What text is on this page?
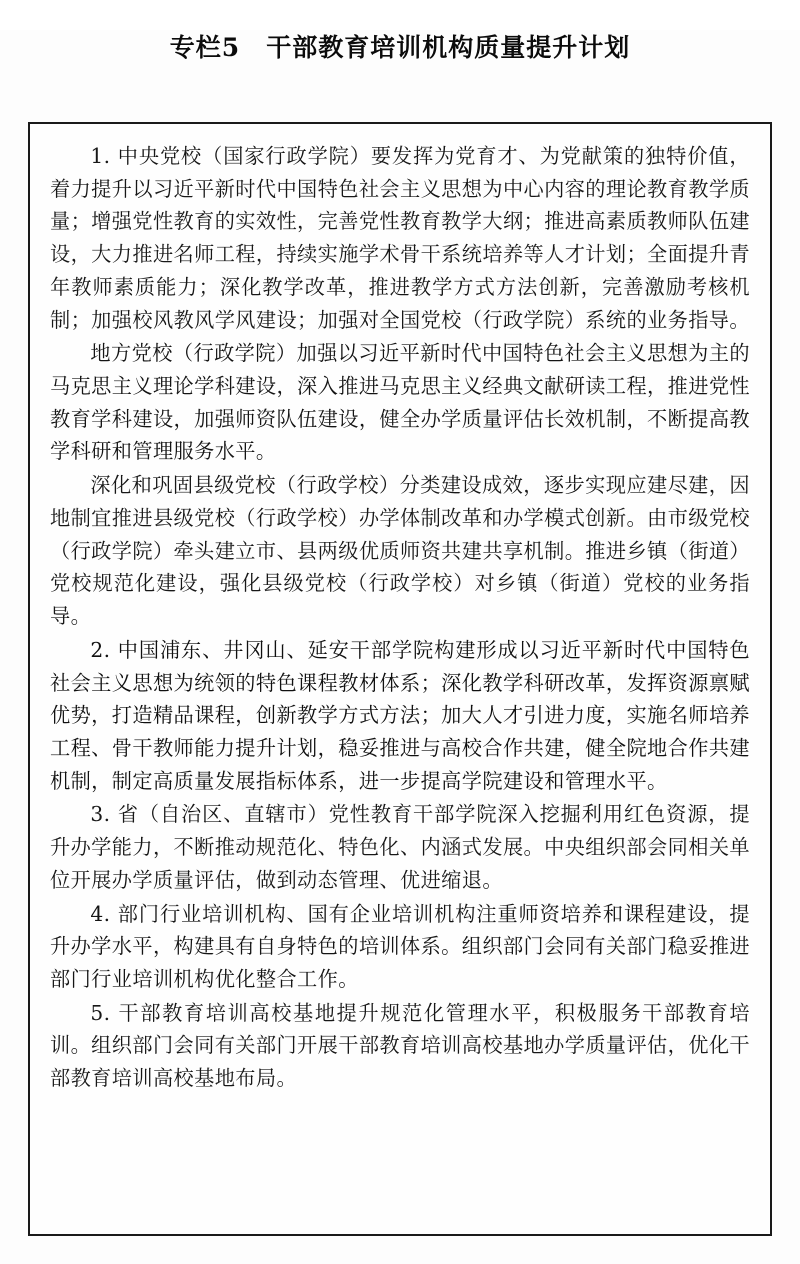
专栏5　干部教育培训机构质量提升计划

1. 中央党校（国家行政学院）要发挥为党育才、为党献策的独特价值，着力提升以习近平新时代中国特色社会主义思想为中心内容的理论教育教学质量；增强党性教育的实效性，完善党性教育教学大纲；推进高素质教师队伍建设，大力推进名师工程，持续实施学术骨干系统培养等人才计划；全面提升青年教师素质能力；深化教学改革，推进教学方式方法创新，完善激励考核机制；加强校风教风学风建设；加强对全国党校（行政学院）系统的业务指导。

地方党校（行政学院）加强以习近平新时代中国特色社会主义思想为主的马克思主义理论学科建设，深入推进马克思主义经典文献研读工程，推进党性教育学科建设，加强师资队伍建设，健全办学质量评估长效机制，不断提高教学科研和管理服务水平。

深化和巩固县级党校（行政学校）分类建设成效，逐步实现应建尽建，因地制宜推进县级党校（行政学校）办学体制改革和办学模式创新。由市级党校（行政学院）牵头建立市、县两级优质师资共建共享机制。推进乡镇（街道）党校规范化建设，强化县级党校（行政学校）对乡镇（街道）党校的业务指导。

2. 中国浦东、井冈山、延安干部学院构建形成以习近平新时代中国特色社会主义思想为统领的特色课程教材体系；深化教学科研改革，发挥资源禀赋优势，打造精品课程，创新教学方式方法；加大人才引进力度，实施名师培养工程、骨干教师能力提升计划，稳妥推进与高校合作共建，健全院地合作共建机制，制定高质量发展指标体系，进一步提高学院建设和管理水平。

3. 省（自治区、直辖市）党性教育干部学院深入挖掘利用红色资源，提升办学能力，不断推动规范化、特色化、内涵式发展。中央组织部会同相关单位开展办学质量评估，做到动态管理、优进缩退。

4. 部门行业培训机构、国有企业培训机构注重师资培养和课程建设，提升办学水平，构建具有自身特色的培训体系。组织部门会同有关部门稳妥推进部门行业培训机构优化整合工作。

5. 干部教育培训高校基地提升规范化管理水平，积极服务干部教育培训。组织部门会同有关部门开展干部教育培训高校基地办学质量评估，优化干部教育培训高校基地布局。
